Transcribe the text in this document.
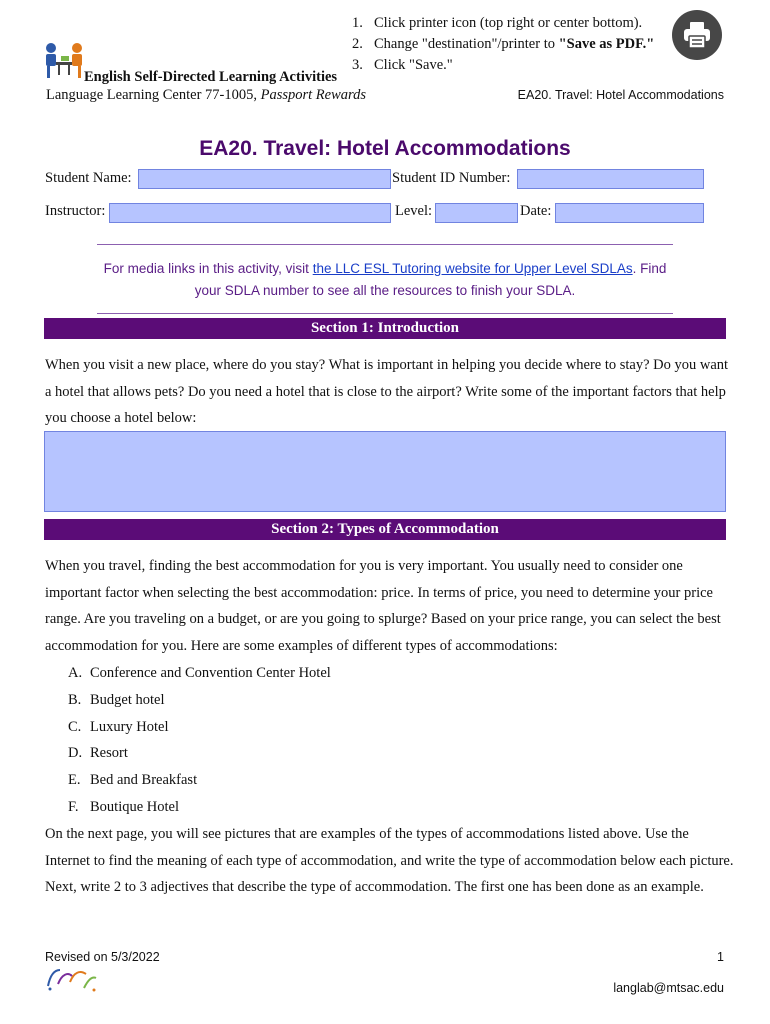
1. Click printer icon (top right or center bottom).
2. Change "destination"/printer to "Save as PDF."
3. Click "Save."
English Self-Directed Learning Activities
Language Learning Center 77-1005, Passport Rewards	EA20. Travel: Hotel Accommodations
EA20. Travel: Hotel Accommodations
Student Name:	Student ID Number:
Instructor:	Level:	Date:
For media links in this activity, visit the LLC ESL Tutoring website for Upper Level SDLAs. Find your SDLA number to see all the resources to finish your SDLA.
Section 1: Introduction
When you visit a new place, where do you stay? What is important in helping you decide where to stay? Do you want a hotel that allows pets? Do you need a hotel that is close to the airport? Write some of the important factors that help you choose a hotel below:
Section 2: Types of Accommodation
When you travel, finding the best accommodation for you is very important. You usually need to consider one important factor when selecting the best accommodation: price. In terms of price, you need to determine your price range. Are you traveling on a budget, or are you going to splurge? Based on your price range, you can select the best accommodation for you. Here are some examples of different types of accommodations:
A. Conference and Convention Center Hotel
B. Budget hotel
C. Luxury Hotel
D. Resort
E. Bed and Breakfast
F. Boutique Hotel
On the next page, you will see pictures that are examples of the types of accommodations listed above. Use the Internet to find the meaning of each type of accommodation, and write the type of accommodation below each picture. Next, write 2 to 3 adjectives that describe the type of accommodation. The first one has been done as an example.
Revised on 5/3/2022	1
langlab@mtsac.edu
